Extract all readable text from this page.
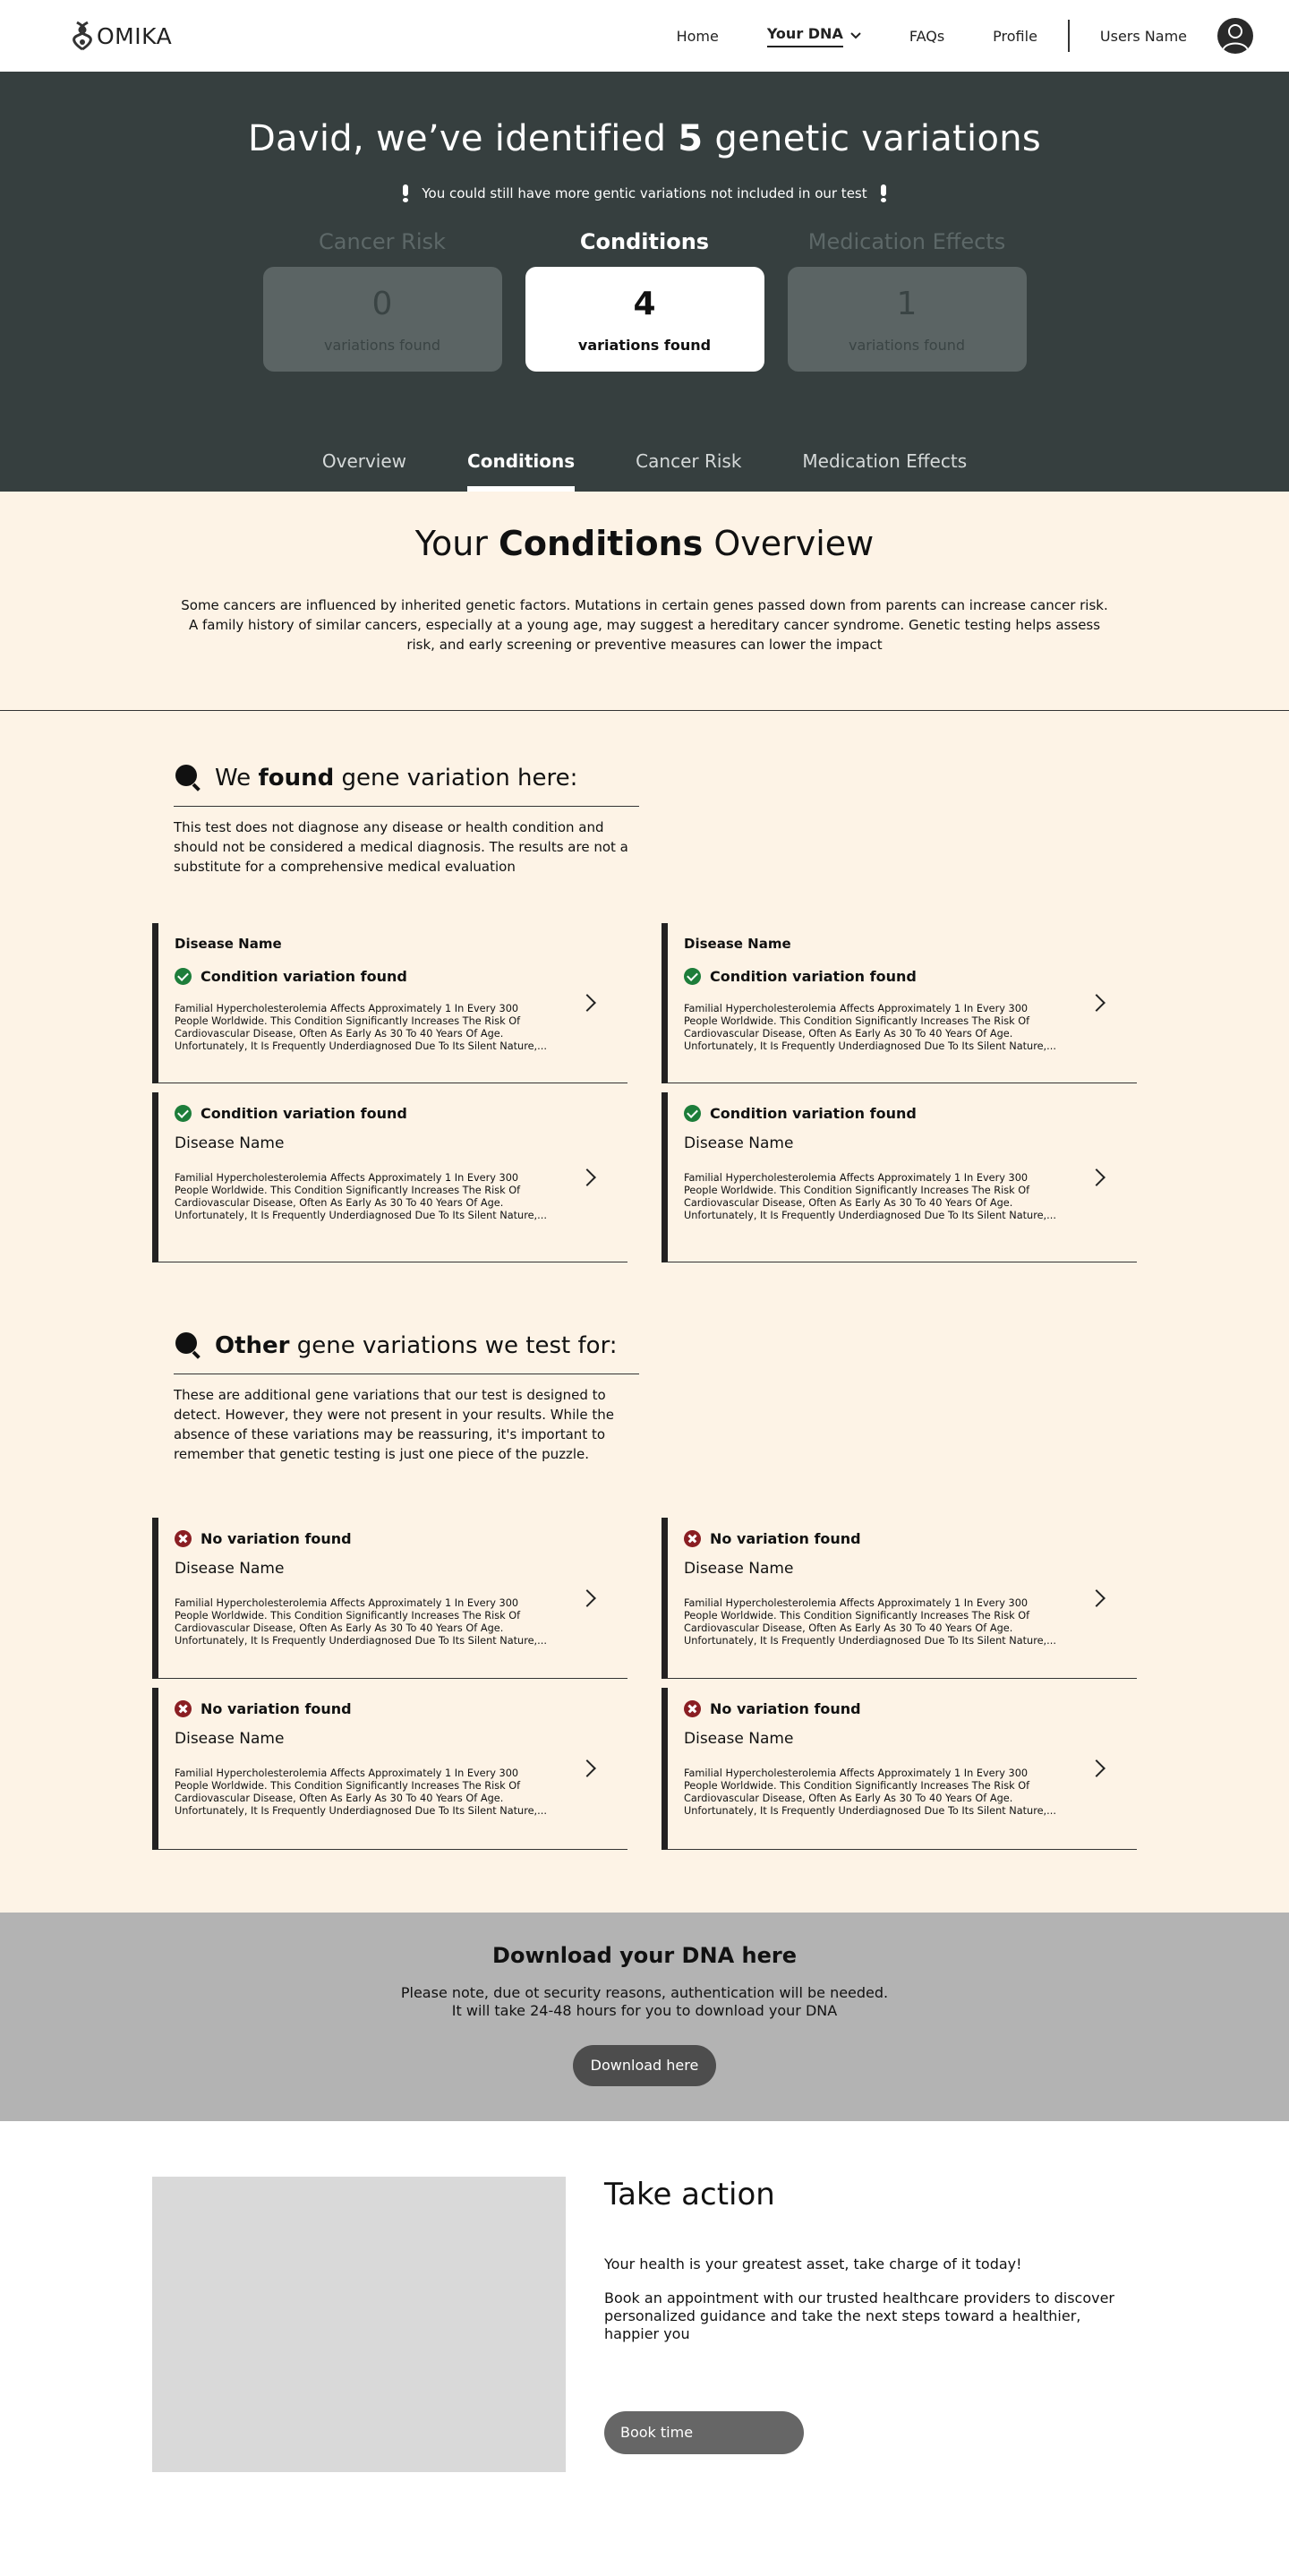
OMIKA	Home	Your DNA	FAQs	Profile	Users Name
David, we’ve identified 5 genetic variations
You could still have more gentic variations not included in our test
Cancer Risk
0
variations found
Conditions
4
variations found
Medication Effects
1
variations found
Overview	Conditions	Cancer Risk	Medication Effects
Your Conditions Overview

Some cancers are influenced by inherited genetic factors. Mutations in certain genes passed down from parents can increase cancer risk. A family history of similar cancers, especially at a young age, may suggest a hereditary cancer syndrome. Genetic testing helps assess risk, and early screening or preventive measures can lower the impact

We found gene variation here:

This test does not diagnose any disease or health condition and should not be considered a medical diagnosis. The results are not a substitute for a comprehensive medical evaluation

Disease Name
Condition variation found
Familial Hypercholesterolemia Affects Approximately 1 In Every 300 People Worldwide. This Condition Significantly Increases The Risk Of Cardiovascular Disease, Often As Early As 30 To 40 Years Of Age. Unfortunately, It Is Frequently Underdiagnosed Due To Its Silent Nature,...
Disease Name
Condition variation found
Familial Hypercholesterolemia Affects Approximately 1 In Every 300 People Worldwide. This Condition Significantly Increases The Risk Of Cardiovascular Disease, Often As Early As 30 To 40 Years Of Age. Unfortunately, It Is Frequently Underdiagnosed Due To Its Silent Nature,...
Condition variation found
Disease Name
Familial Hypercholesterolemia Affects Approximately 1 In Every 300 People Worldwide. This Condition Significantly Increases The Risk Of Cardiovascular Disease, Often As Early As 30 To 40 Years Of Age. Unfortunately, It Is Frequently Underdiagnosed Due To Its Silent Nature,...
Condition variation found
Disease Name
Familial Hypercholesterolemia Affects Approximately 1 In Every 300 People Worldwide. This Condition Significantly Increases The Risk Of Cardiovascular Disease, Often As Early As 30 To 40 Years Of Age. Unfortunately, It Is Frequently Underdiagnosed Due To Its Silent Nature,...
Other gene variations we test for:

These are additional gene variations that our test is designed to detect. However, they were not present in your results. While the absence of these variations may be reassuring, it's important to remember that genetic testing is just one piece of the puzzle.

No variation found
Disease Name
Familial Hypercholesterolemia Affects Approximately 1 In Every 300 People Worldwide. This Condition Significantly Increases The Risk Of Cardiovascular Disease, Often As Early As 30 To 40 Years Of Age. Unfortunately, It Is Frequently Underdiagnosed Due To Its Silent Nature,...
No variation found
Disease Name
Familial Hypercholesterolemia Affects Approximately 1 In Every 300 People Worldwide. This Condition Significantly Increases The Risk Of Cardiovascular Disease, Often As Early As 30 To 40 Years Of Age. Unfortunately, It Is Frequently Underdiagnosed Due To Its Silent Nature,...
No variation found
Disease Name
Familial Hypercholesterolemia Affects Approximately 1 In Every 300 People Worldwide. This Condition Significantly Increases The Risk Of Cardiovascular Disease, Often As Early As 30 To 40 Years Of Age. Unfortunately, It Is Frequently Underdiagnosed Due To Its Silent Nature,...
No variation found
Disease Name
Familial Hypercholesterolemia Affects Approximately 1 In Every 300 People Worldwide. This Condition Significantly Increases The Risk Of Cardiovascular Disease, Often As Early As 30 To 40 Years Of Age. Unfortunately, It Is Frequently Underdiagnosed Due To Its Silent Nature,...
Download your DNA here

Please note, due ot security reasons, authentication will be needed.
It will take 24-48 hours for you to download your DNA

Download here
Take action

Your health is your greatest asset, take charge of it today!

Book an appointment with our trusted healthcare providers to discover personalized guidance and take the next steps toward a healthier, happier you

Book time
